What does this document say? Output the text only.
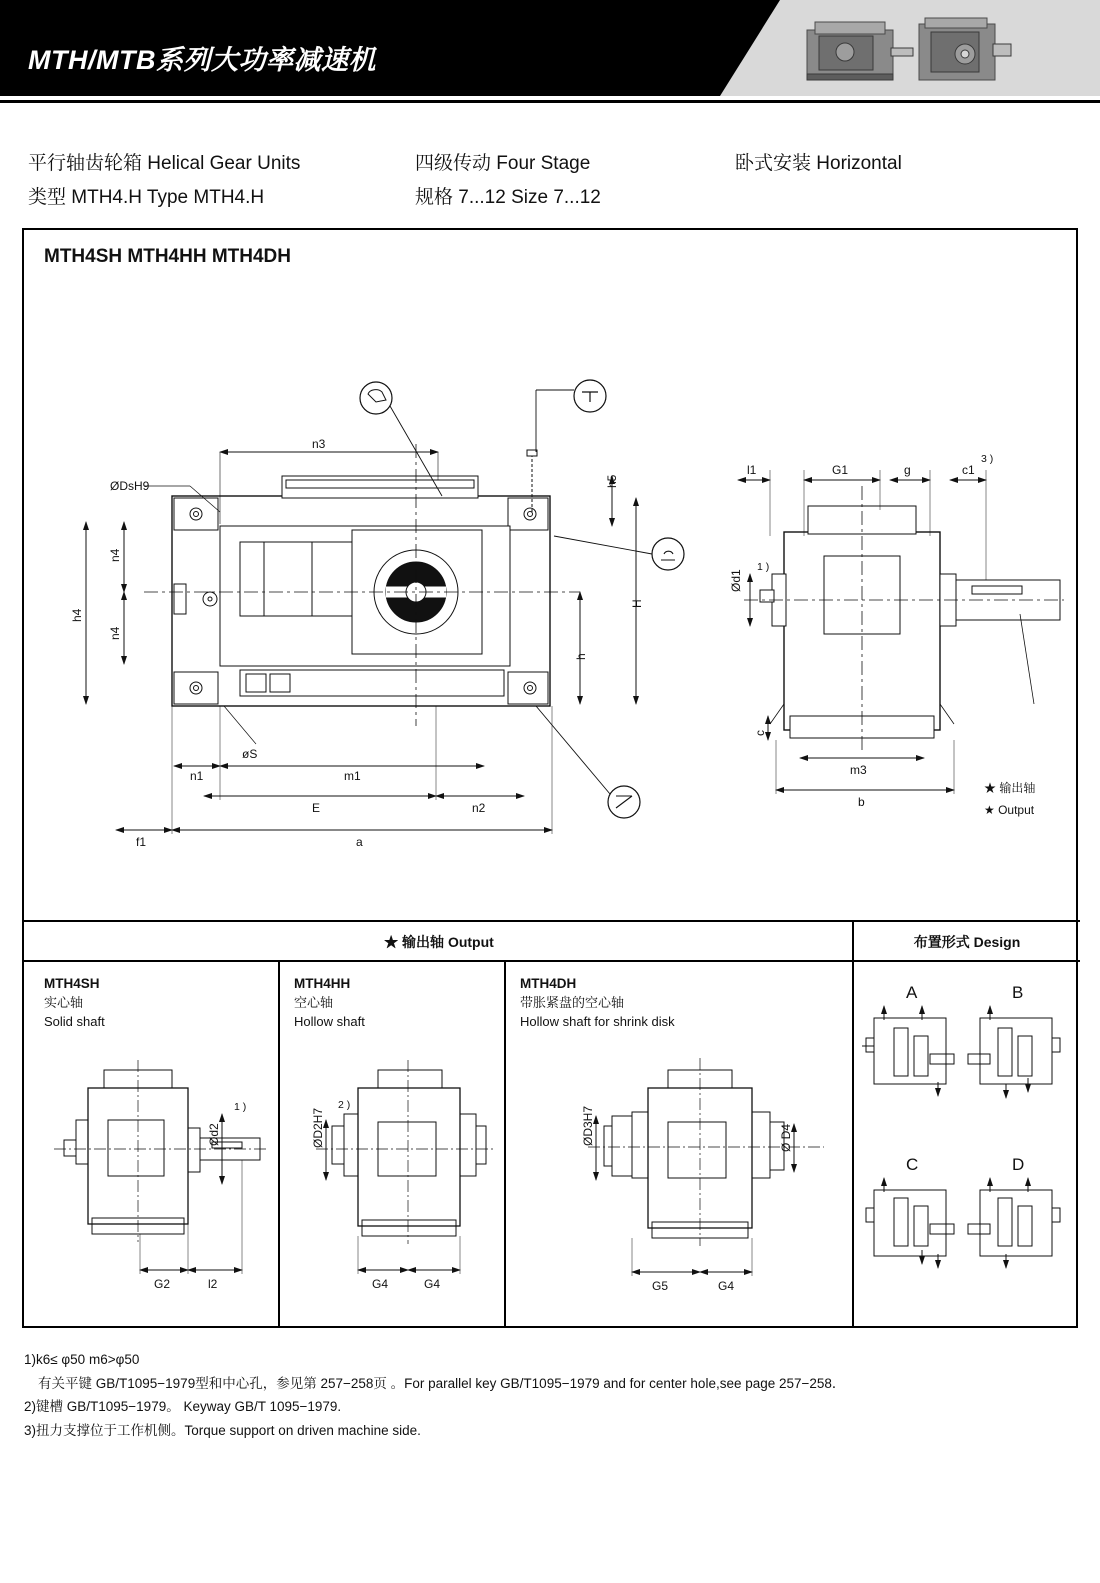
MTH/MTB系列大功率减速机
平行轴齿轮箱 Helical Gear Units
类型 MTH4.H Type MTH4.H
四级传动 Four Stage
规格 7...12 Size 7...12
卧式安装 Horizontal
MTH4SH MTH4HH MTH4DH
n3
ØDsH9
n4
n4
h4
h5
H
h
øS
n1	m1
E	n2
f1	a
l1	G1	g	c1
3 )
Ød1
1 )
c
m3
b
★ 输出轴
★ Output
★ 输出轴 Output	布置形式 Design
MTH4SH
实心轴
Solid shaft
Ød2
1 )
G2	l2
MTH4HH
空心轴
Hollow shaft
ØD2H7
2 )
G4	G4
MTH4DH
带胀紧盘的空心轴
Hollow shaft for shrink disk
ØD3H7	Ø D4
G5	G4
A	B
C	D
1)k6≤ φ50 m6>φ50
有关平键 GB/T1095−1979型和中心孔，参见第 257−258页 。For parallel key GB/T1095−1979 and for center hole,see page 257−258．
2)键槽 GB/T1095−1979。 Keyway GB/T 1095−1979.
3)扭力支撑位于工作机侧。Torque support on driven machine side.
